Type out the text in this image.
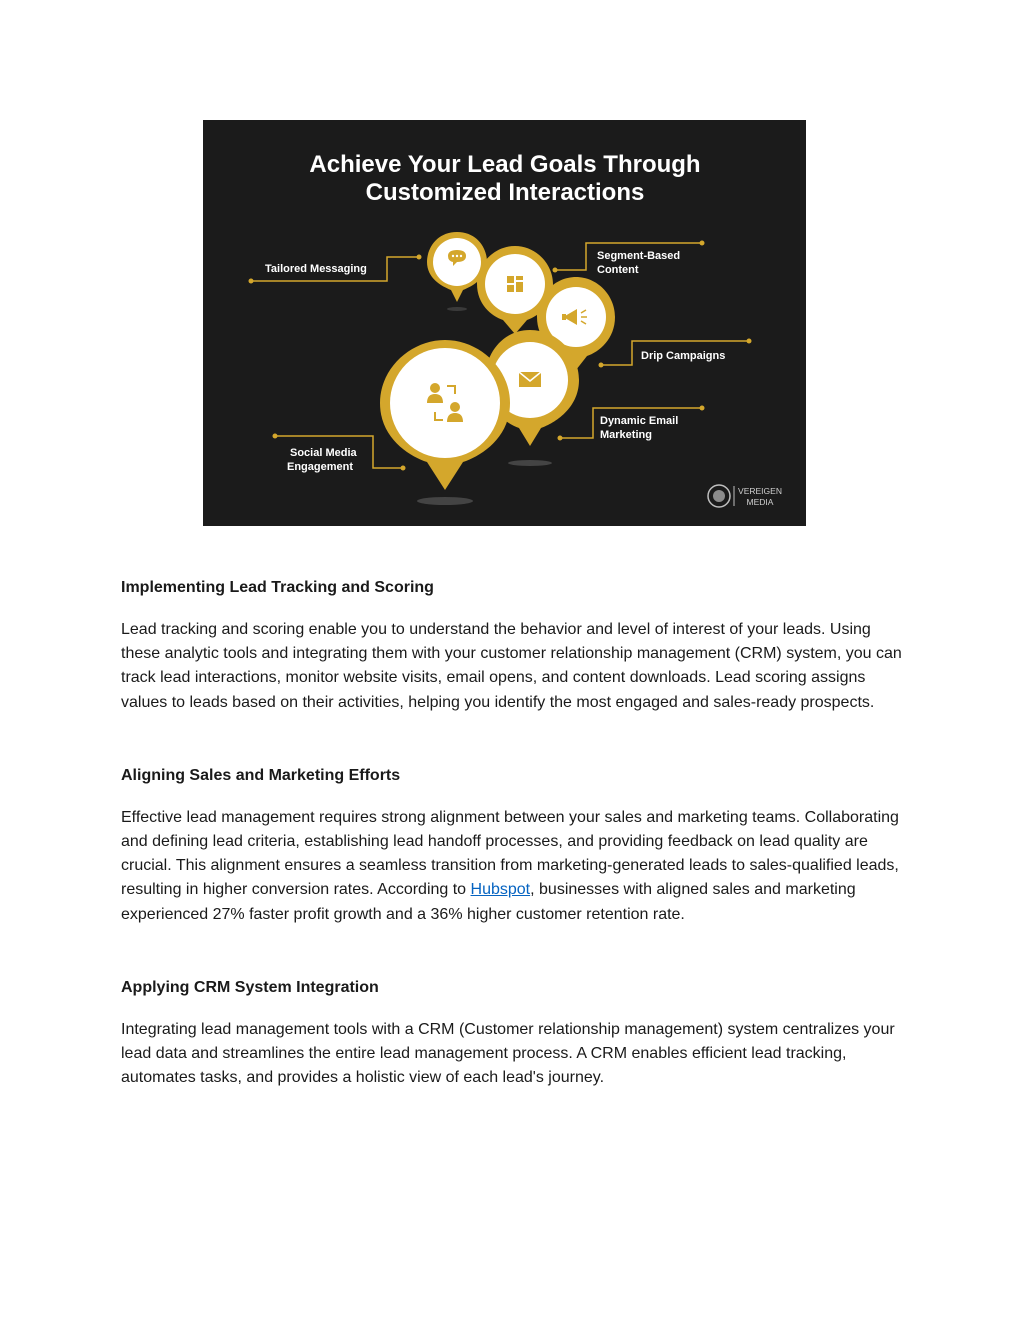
Achieve Your Lead Goals Through
Customized Interactions
Tailored Messaging
Segment-Based
Content
Drip Campaigns
Dynamic Email
Marketing
Social Media
Engagement
VEREIGEN
MEDIA

Implementing Lead Tracking and Scoring

Lead tracking and scoring enable you to understand the behavior and level of interest of your leads. Using these analytic tools and integrating them with your customer relationship management (CRM) system, you can track lead interactions, monitor website visits, email opens, and content downloads. Lead scoring assigns values to leads based on their activities, helping you identify the most engaged and sales-ready prospects.

Aligning Sales and Marketing Efforts

Effective lead management requires strong alignment between your sales and marketing teams. Collaborating and defining lead criteria, establishing lead handoff processes, and providing feedback on lead quality are crucial. This alignment ensures a seamless transition from marketing-generated leads to sales-qualified leads, resulting in higher conversion rates. According to Hubspot, businesses with aligned sales and marketing experienced 27% faster profit growth and a 36% higher customer retention rate.

Applying CRM System Integration

Integrating lead management tools with a CRM (Customer relationship management) system centralizes your lead data and streamlines the entire lead management process. A CRM enables efficient lead tracking, automates tasks, and provides a holistic view of each lead's journey.
